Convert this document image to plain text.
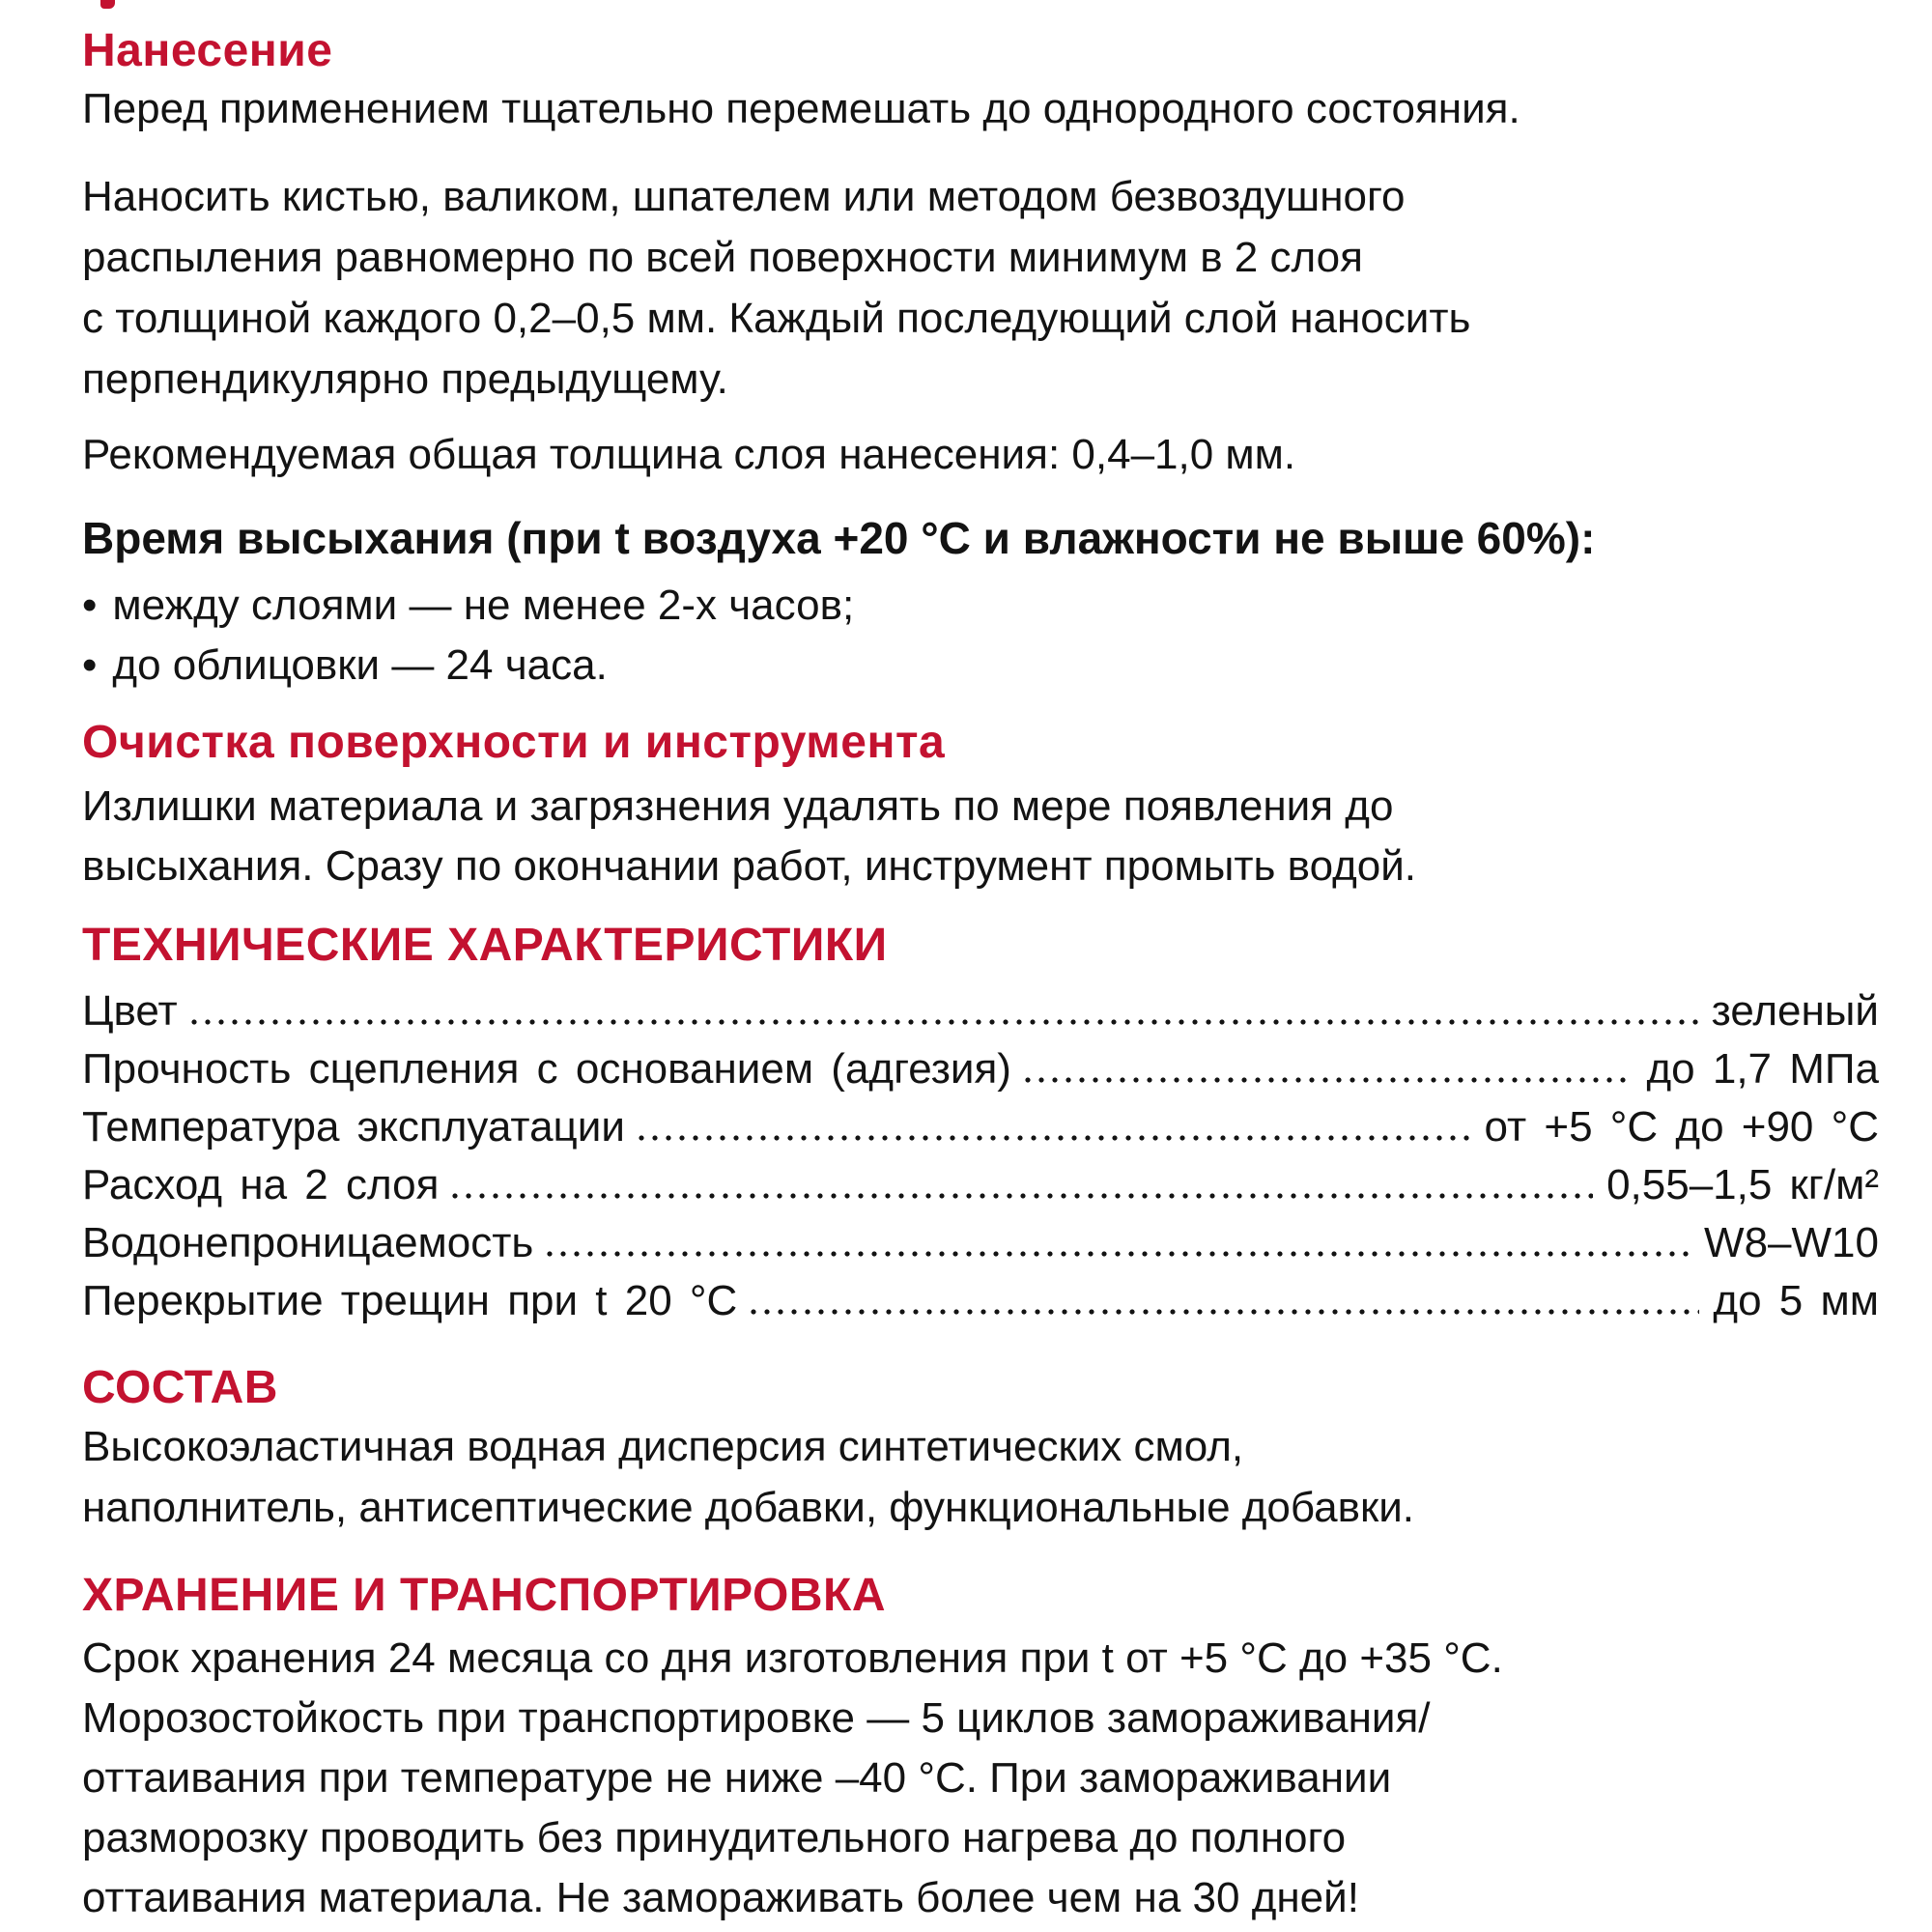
Нанесение
Перед применением тщательно перемешать до однородного состояния.
Наносить кистью, валиком, шпателем или методом безвоздушного
распыления равномерно по всей поверхности минимум в 2 слоя
с толщиной каждого 0,2–0,5 мм. Каждый последующий слой наносить
перпендикулярно предыдущему.
Рекомендуемая общая толщина слоя нанесения: 0,4–1,0 мм.
Время высыхания (при t воздуха +20 °С и влажности не выше 60%):
• между слоями — не менее 2-х часов;
• до облицовки — 24 часа.
Очистка поверхности и инструмента
Излишки материала и загрязнения удалять по мере появления до
высыхания. Сразу по окончании работ, инструмент промыть водой.
ТЕХНИЧЕСКИЕ ХАРАКТЕРИСТИКИ
Цвет	зеленый
Прочность сцепления с основанием (адгезия)	до 1,7 МПа
Температура эксплуатации	от +5 °С до +90 °С
Расход на 2 слоя	0,55–1,5 кг/м²
Водонепроницаемость	W8–W10
Перекрытие трещин при t 20 °С	до 5 мм
СОСТАВ
Высокоэластичная водная дисперсия синтетических смол,
наполнитель, антисептические добавки, функциональные добавки.
ХРАНЕНИЕ И ТРАНСПОРТИРОВКА
Срок хранения 24 месяца со дня изготовления при t от +5 °С до +35 °С.
Морозостойкость при транспортировке — 5 циклов замораживания/
оттаивания при температуре не ниже –40 °С. При замораживании
разморозку проводить без принудительного нагрева до полного
оттаивания материала. Не замораживать более чем на 30 дней!
